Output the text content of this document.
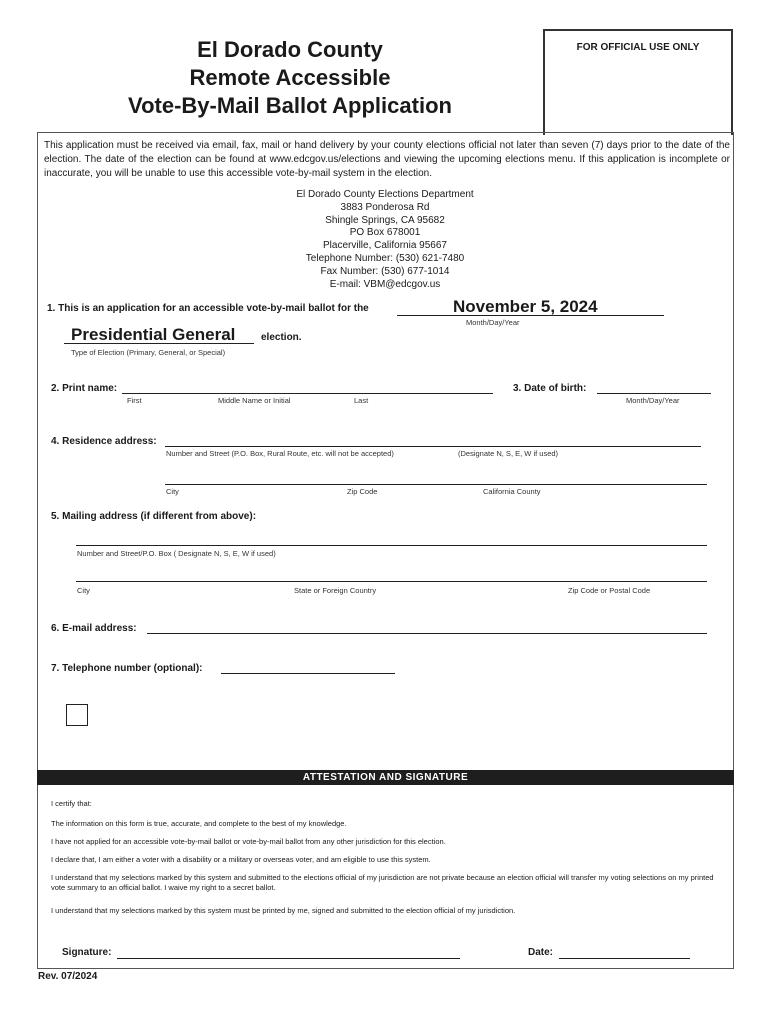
El Dorado County
Remote Accessible
Vote-By-Mail Ballot Application
FOR OFFICIAL USE ONLY
This application must be received via email, fax, mail or hand delivery by your county elections official not later than seven (7) days prior to the date of the election. The date of the election can be found at www.edcgov.us/elections and viewing the upcoming elections menu. If this application is incomplete or inaccurate, you will be unable to use this accessible vote-by-mail system in the election.
El Dorado County Elections Department
3883 Ponderosa Rd
Shingle Springs, CA 95682
PO Box 678001
Placerville, California 95667
Telephone Number: (530) 621-7480
Fax Number: (530) 677-1014
E-mail: VBM@edcgov.us
1. This is an application for an accessible vote-by-mail ballot for the	November 5, 2024
Month/Day/Year
Presidential General	election.
Type of Election (Primary, General, or Special)
2. Print name:
First	Middle Name or Initial	Last
3. Date of birth:
Month/Day/Year
4. Residence address:
Number and Street (P.O. Box, Rural Route, etc. will not be accepted)	(Designate N, S, E, W if used)
City	Zip Code	California County
5. Mailing address (if different from above):
Number and Street/P.O. Box ( Designate N, S, E, W if used)
City	State or Foreign Country	Zip Code or Postal Code
6. E-mail address:
7. Telephone number (optional):
ATTESTATION AND SIGNATURE
I certify that:
The information on this form is true, accurate, and complete to the best of my knowledge.
I have not applied for an accessible vote-by-mail ballot or vote-by-mail ballot from any other jurisdiction for this election.
I declare that, I am either a voter with a disability or a military or overseas voter, and am eligible to use this system.
I understand that my selections marked by this system and submitted to the elections official of my jurisdiction are not private because an election official will transfer my voting selections on my printed vote summary to an official ballot. I waive my right to a secret ballot.
I understand that my selections marked by this system must be printed by me, signed and submitted to the election official of my jurisdiction.
Signature:	Date:
Rev. 07/2024
